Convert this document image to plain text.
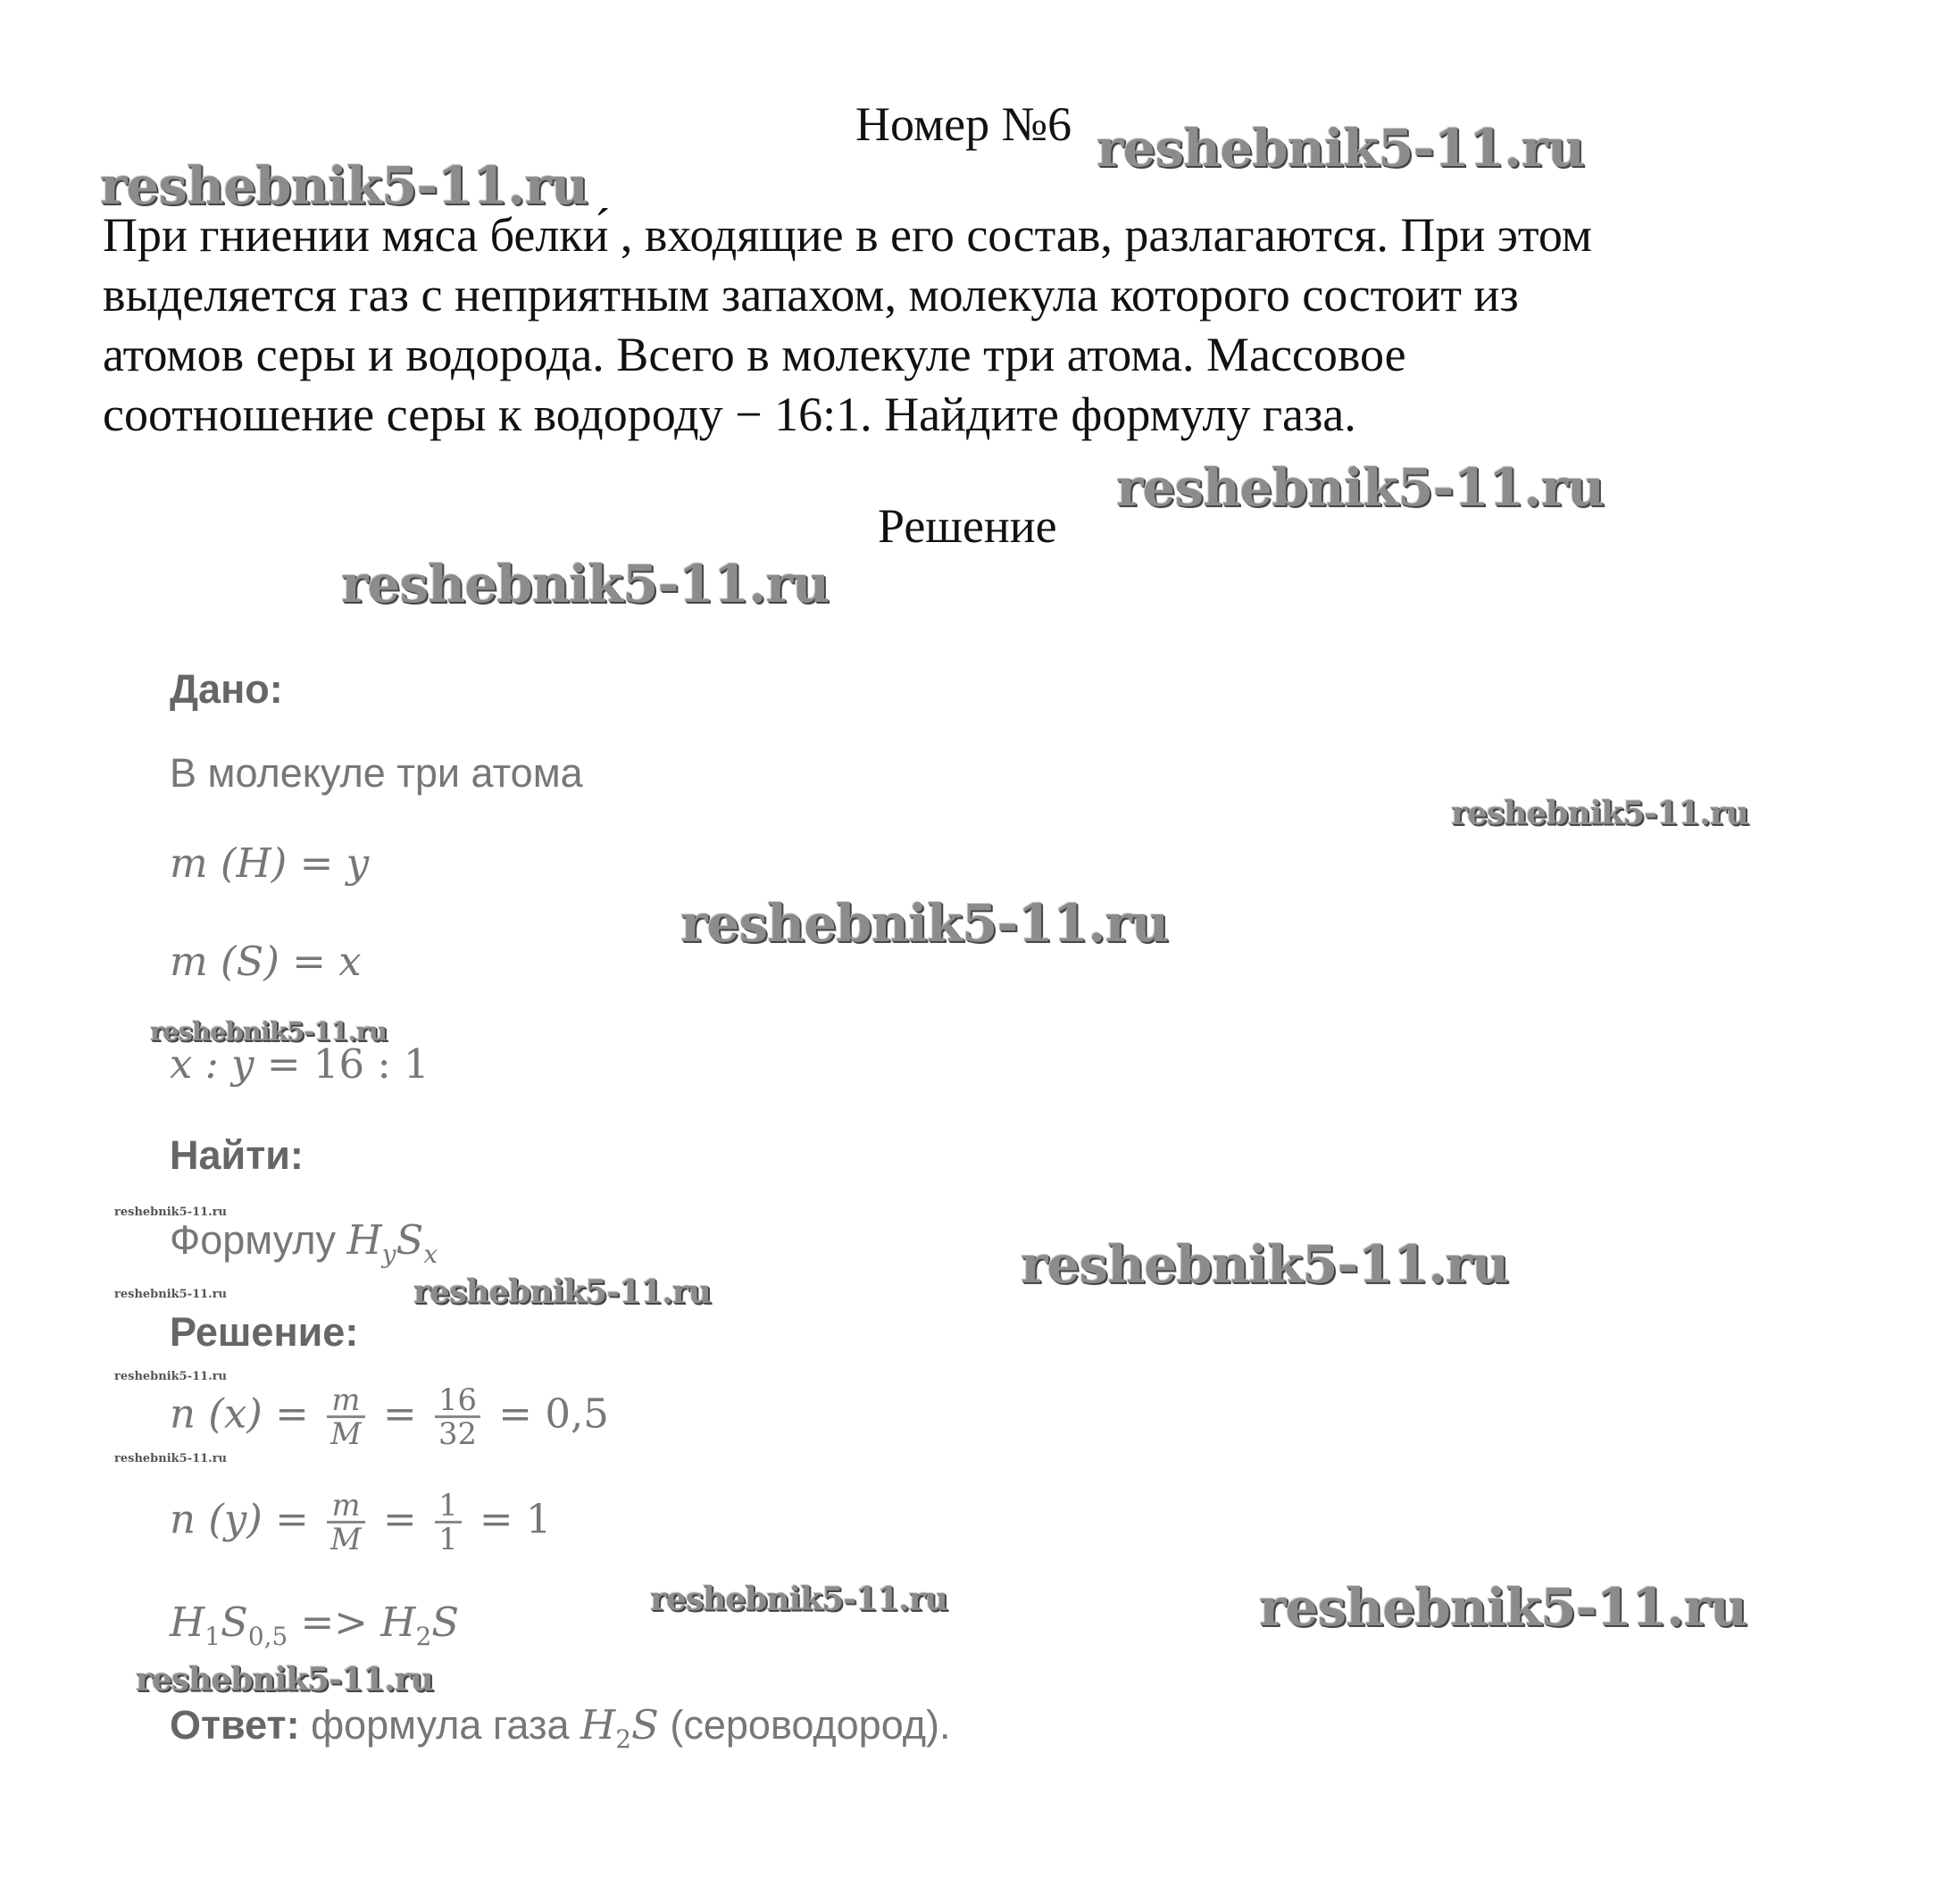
Номер №6

При гниении мяса белки́ , входящие в его состав, разлагаются. При этом

выделяется газ с неприятным запахом, молекула которого состоит из

атомов серы и водорода. Всего в молекуле три атома. Массовое

соотношение серы к водороду − 16:1. Найдите формулу газа.

Решение
Дано:
В молекуле три атома
m (H) = y
m (S) = x
x : y = 16 : 1
Найти:
Формулу $H_yS_x$
Решение:
n $(x) = \frac{m}{M} = \frac{16}{32} = 0,5$
n $(y) = \frac{m}{M} = \frac{1}{1} = 1$
$H_1S_{0,5} => H_2S$
Ответ: формула газа $H_2S$ (сероводород).
reshebnik5-11.ru
reshebnik5-11.ru
reshebnik5-11.ru
reshebnik5-11.ru
reshebnik5-11.ru
reshebnik5-11.ru
reshebnik5-11.ru
reshebnik5-11.ru
reshebnik5-11.ru
reshebnik5-11.ru	reshebnik5-11.ru
reshebnik5-11.ru
reshebnik5-11.ru
reshebnik5-11.ru	reshebnik5-11.ru
reshebnik5-11.ru
